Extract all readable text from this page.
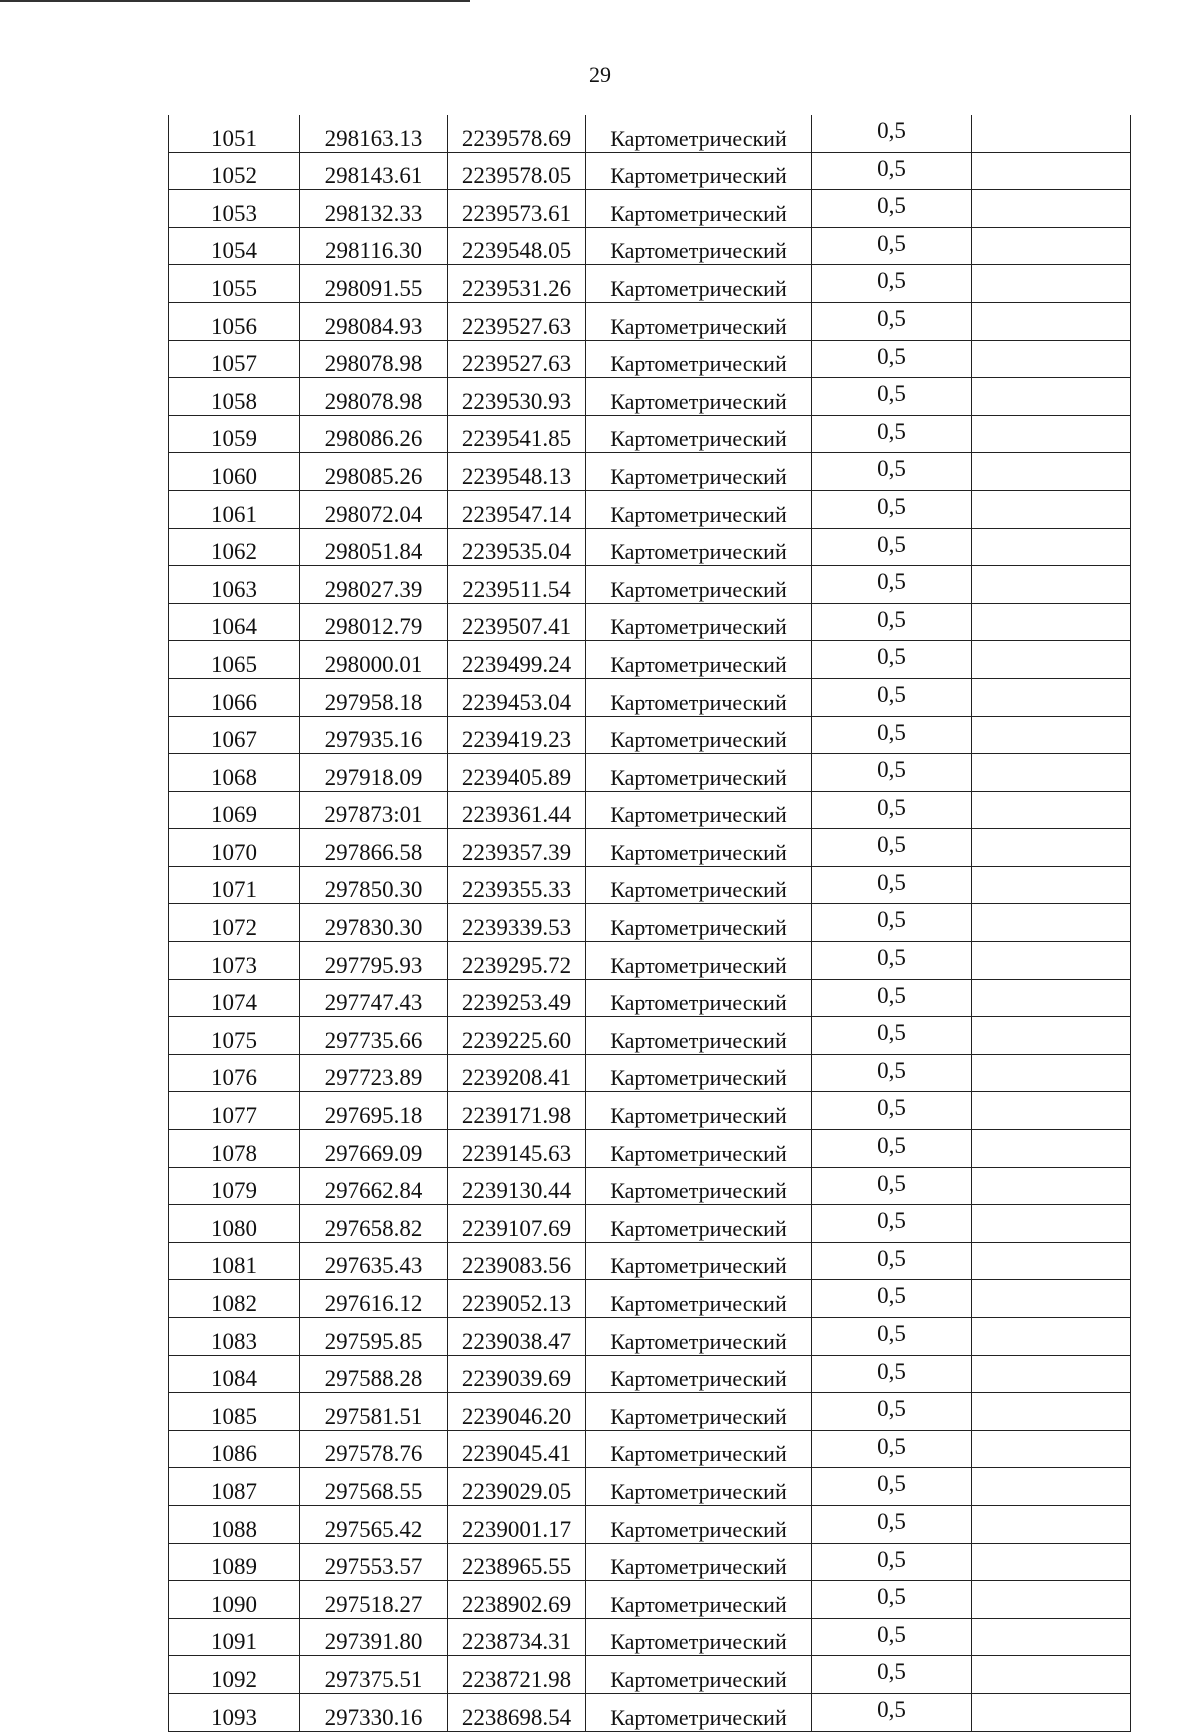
29
1051	298163.13	2239578.69	Картометрический	0,5	
1052	298143.61	2239578.05	Картометрический	0,5	
1053	298132.33	2239573.61	Картометрический	0,5	
1054	298116.30	2239548.05	Картометрический	0,5	
1055	298091.55	2239531.26	Картометрический	0,5	
1056	298084.93	2239527.63	Картометрический	0,5	
1057	298078.98	2239527.63	Картометрический	0,5	
1058	298078.98	2239530.93	Картометрический	0,5	
1059	298086.26	2239541.85	Картометрический	0,5	
1060	298085.26	2239548.13	Картометрический	0,5	
1061	298072.04	2239547.14	Картометрический	0,5	
1062	298051.84	2239535.04	Картометрический	0,5	
1063	298027.39	2239511.54	Картометрический	0,5	
1064	298012.79	2239507.41	Картометрический	0,5	
1065	298000.01	2239499.24	Картометрический	0,5	
1066	297958.18	2239453.04	Картометрический	0,5	
1067	297935.16	2239419.23	Картометрический	0,5	
1068	297918.09	2239405.89	Картометрический	0,5	
1069	297873:01	2239361.44	Картометрический	0,5	
1070	297866.58	2239357.39	Картометрический	0,5	
1071	297850.30	2239355.33	Картометрический	0,5	
1072	297830.30	2239339.53	Картометрический	0,5	
1073	297795.93	2239295.72	Картометрический	0,5	
1074	297747.43	2239253.49	Картометрический	0,5	
1075	297735.66	2239225.60	Картометрический	0,5	
1076	297723.89	2239208.41	Картометрический	0,5	
1077	297695.18	2239171.98	Картометрический	0,5	
1078	297669.09	2239145.63	Картометрический	0,5	
1079	297662.84	2239130.44	Картометрический	0,5	
1080	297658.82	2239107.69	Картометрический	0,5	
1081	297635.43	2239083.56	Картометрический	0,5	
1082	297616.12	2239052.13	Картометрический	0,5	
1083	297595.85	2239038.47	Картометрический	0,5	
1084	297588.28	2239039.69	Картометрический	0,5	
1085	297581.51	2239046.20	Картометрический	0,5	
1086	297578.76	2239045.41	Картометрический	0,5	
1087	297568.55	2239029.05	Картометрический	0,5	
1088	297565.42	2239001.17	Картометрический	0,5	
1089	297553.57	2238965.55	Картометрический	0,5	
1090	297518.27	2238902.69	Картометрический	0,5	
1091	297391.80	2238734.31	Картометрический	0,5	
1092	297375.51	2238721.98	Картометрический	0,5	
1093	297330.16	2238698.54	Картометрический	0,5	
